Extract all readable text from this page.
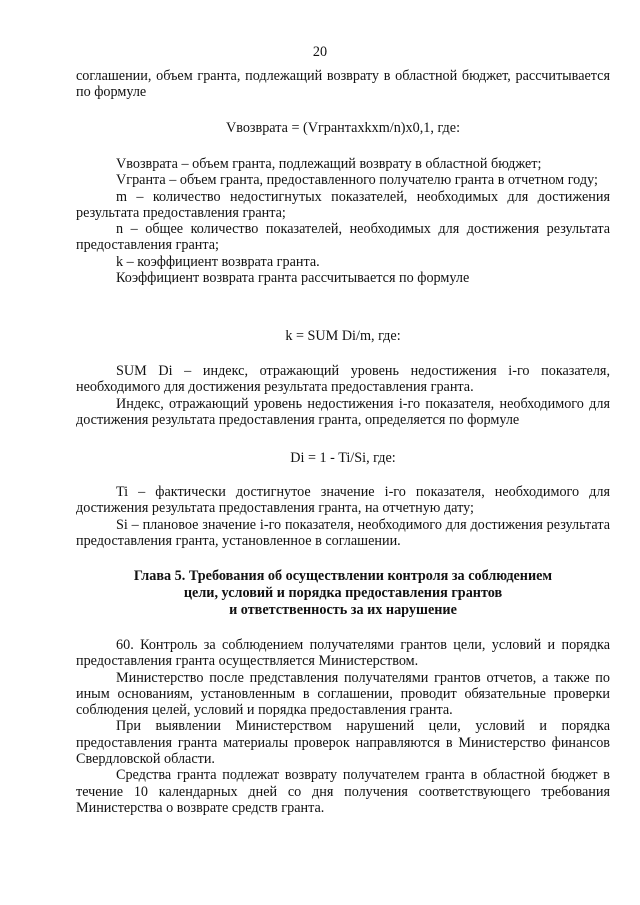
20

соглашении, объем гранта, подлежащий возврату в областной бюджет, рассчитывается по формуле

Vвозврата = (Vгрантахkxm/n)х0,1, где:

Vвозврата – объем гранта, подлежащий возврату в областной бюджет;

Vгранта – объем гранта, предоставленного получателю гранта в отчетном году;

m – количество недостигнутых показателей, необходимых для достижения результата предоставления гранта;

n – общее количество показателей, необходимых для достижения результата предоставления гранта;

k – коэффициент возврата гранта.

Коэффициент возврата гранта рассчитывается по формуле

k = SUM Di/m, где:

SUM Di – индекс, отражающий уровень недостижения i-го показателя, необходимого для достижения результата предоставления гранта.

Индекс, отражающий уровень недостижения i-го показателя, необходимого для достижения результата предоставления гранта, определяется по формуле

Di = 1 - Ti/Si, где:

Ti – фактически достигнутое значение i-го показателя, необходимого для достижения результата предоставления гранта, на отчетную дату;

Si – плановое значение i-го показателя, необходимого для достижения результата предоставления гранта, установленное в соглашении.

Глава 5. Требования об осуществлении контроля за соблюдением

цели, условий и порядка предоставления грантов

и ответственность за их нарушение

60. Контроль за соблюдением получателями грантов цели, условий и порядка предоставления гранта осуществляется Министерством.

Министерство после представления получателями грантов отчетов, а также по иным основаниям, установленным в соглашении, проводит обязательные проверки соблюдения целей, условий и порядка предоставления гранта.

При выявлении Министерством нарушений цели, условий и порядка предоставления гранта материалы проверок направляются в Министерство финансов Свердловской области.

Средства гранта подлежат возврату получателем гранта в областной бюджет в течение 10 календарных дней со дня получения соответствующего требования Министерства о возврате средств гранта.
